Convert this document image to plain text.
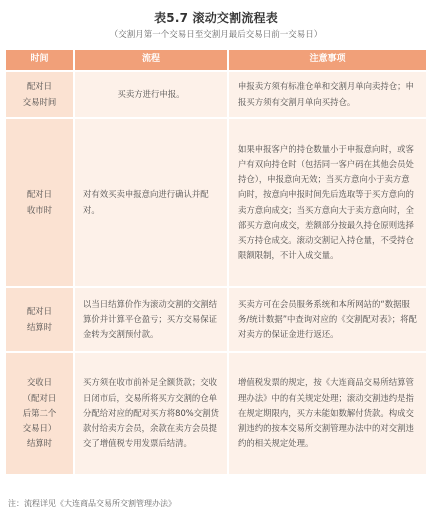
表5.7 滚动交割流程表
（交割月第一个交易日至交割月最后交易日前一交易日）
时间	流程	注意事项
配对日
交易时间	买卖方进行申报。	申报卖方须有标准仓单和交割月单向卖持仓；申报买方须有交割月单向买持仓。
配对日
收市时	对有效买卖申报意向进行确认并配对。	如果申报客户的持仓数量小于申报意向时，或客户有双向持仓时（包括同一客户码在其他会员处持仓），申报意向无效；当买方意向小于卖方意向时，按意向申报时间先后选取等于买方意向的卖方意向成交；当买方意向大于卖方意向时，全部买方意向成交，差额部分按最久持仓原则选择买方持仓成交。滚动交割记入持仓量，不受持仓限额限制，不计入成交量。
配对日
结算时	以当日结算价作为滚动交割的交割结算价并计算平仓盈亏；买方交易保证金转为交割预付款。	买卖方可在会员服务系统和本所网站的“数据服务/统计数据”中查询对应的《交割配对表》；将配对卖方的保证金进行返还。
交收日
（配对日
后第二个
交易日）
结算时	买方须在收市前补足全额货款；交收日闭市后，交易所将买方交割的仓单分配给对应的配对买方将80%交割货款付给卖方会员，余款在卖方会员提交了增值税专用发票后结清。	增值税发票的规定，按《大连商品交易所结算管理办法》中的有关规定处理；滚动交割违约是指在规定期限内，买方未能如数解付货款。构成交割违约的按本交易所交割管理办法中的对交割违约的相关规定处理。
注：流程详见《大连商品交易所交割管理办法》
